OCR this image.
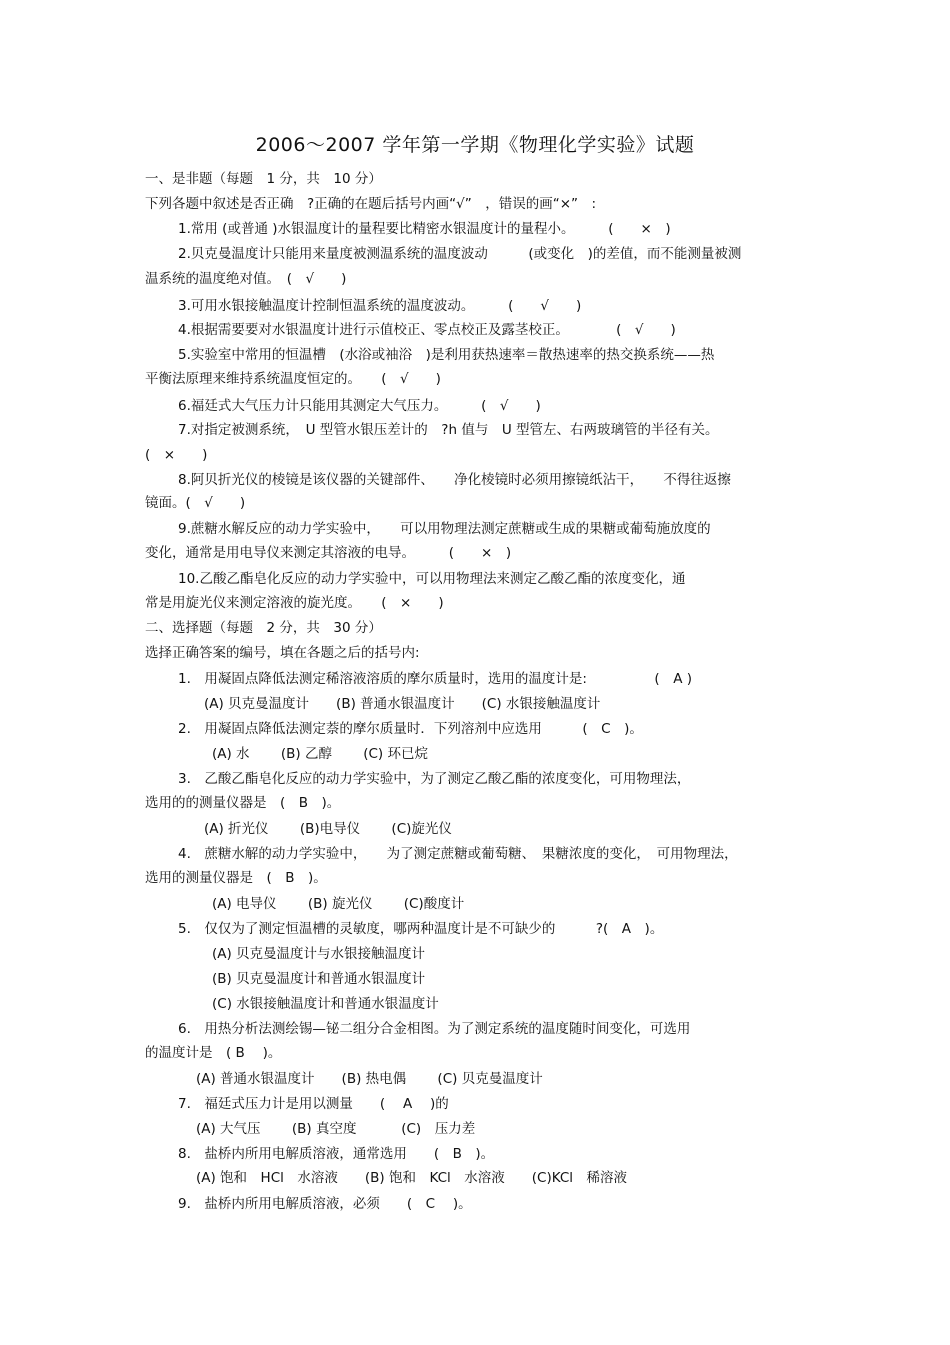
2006～2007 学年第一学期《物理化学实验》试题
一、是非题（每题　1 分，共　10 分）
下列各题中叙述是否正确　?正确的在题后括号内画“√”　，错误的画“×”　:
1.常用 (或普通 )水银温度计的量程要比精密水银温度计的量程小。　　　(　　×　)
2.贝克曼温度计只能用来量度被测温系统的温度波动　　　(或变化　)的差值，而不能测量被测
温系统的温度绝对值。　(　√　　)
3.可用水银接触温度计控制恒温系统的温度波动。　　　(　　√　　)
4.根据需要要对水银温度计进行示值校正、零点校正及露茎校正。　　　　(　√　　)
5.实验室中常用的恒温槽　(水浴或袖浴　)是利用获热速率＝散热速率的热交换系统——热
平衡法原理来维持系统温度恒定的。　　(　√　　)
6.福廷式大气压力计只能用其测定大气压力。　　　(　√　　)
7.对指定被测系统，　U 型管水银压差计的　?h 值与　U 型管左、右两玻璃管的半径有关。
(　×　　)
8.阿贝折光仪的棱镜是该仪器的关键部件、　　净化棱镜时必须用擦镜纸沾干，　　不得往返擦
镜面。(　√　　)
9.蔗糖水解反应的动力学实验中，　　可以用物理法测定蔗糖或生成的果糖或葡萄施放度的
变化，通常是用电导仪来测定其溶液的电导。　　　(　　×　)
10.乙酸乙酯皂化反应的动力学实验中，可以用物理法来测定乙酸乙酯的浓度变化，通
常是用旋光仪来测定溶液的旋光度。　　(　×　　)
二、选择题（每题　2 分，共　30 分）
选择正确答案的编号，填在各题之后的括号内:
1.　用凝固点降低法测定稀溶液溶质的摩尔质量时，选用的温度计是:　　　　　(　A )
(A) 贝克曼温度计　　(B) 普通水银温度计　　(C) 水银接触温度计
2.　用凝固点降低法测定萘的摩尔质量时．下列溶剂中应选用　　　(　C　)。
(A) 水　　 (B) 乙醇　　 (C) 环已烷
3.　乙酸乙酯皂化反应的动力学实验中，为了测定乙酸乙酯的浓度变化，可用物理法，
选用的的测量仪器是　(　B　)。
(A) 折光仪　　 (B)电导仪　　 (C)旋光仪
4.　蔗糖水解的动力学实验中，　　为了测定蔗糖或葡萄糖、　果糖浓度的变化，　可用物理法，
选用的测量仪器是　(　B　)。
(A) 电导仪　　 (B) 旋光仪　　 (C)酸度计
5.　仅仅为了测定恒温槽的灵敏度，哪两种温度计是不可缺少的　　　?(　A　)。
(A) 贝克曼温度计与水银接触温度计
(B) 贝克曼温度计和普通水银温度计
(C) 水银接触温度计和普通水银温度计
6.　用热分析法测绘锡—铋二组分合金相图。为了测定系统的温度随时间变化，可选用
的温度计是　( B　 )。
(A) 普通水银温度计　　(B) 热电偶　　 (C) 贝克曼温度计
7.　福廷式压力计是用以测量　　(　 A　 )的
(A) 大气压　　 (B) 真空度　　　 (C)　压力差
8.　盐桥内所用电解质溶液，通常选用　　(　B　)。
(A) 饱和　HCl　水溶液　　(B) 饱和　KCl　水溶液　　(C)KCl　稀溶液
9.　盐桥内所用电解质溶液，必须　　(　C　 )。
